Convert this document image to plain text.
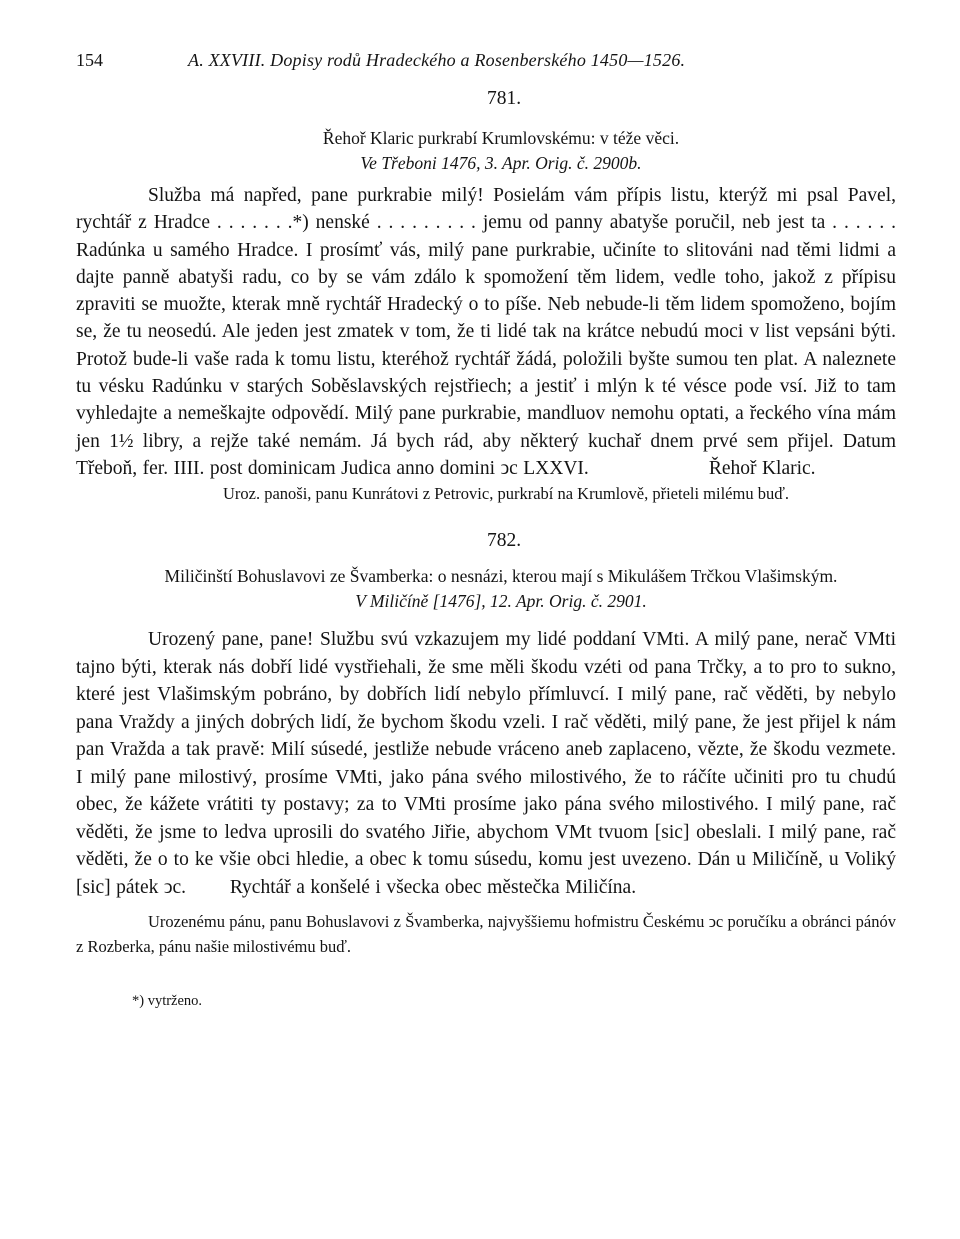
154	A. XXVIII. Dopisy rodů Hradeckého a Rosenberského 1450—1526.
781.
Řehoř Klaric purkrabí Krumlovskému: v téže věci.
Ve Třeboni 1476, 3. Apr. Orig. č. 2900b.

Služba má napřed, pane purkrabie milý! Posielám vám přípis listu, kterýž mi psal Pavel, rychtář z Hradce . . . . . . .*) nenské . . . . . . . . . jemu od panny abatyše poručil, neb jest ta . . . . . . Radúnka u samého Hradce. I prosímť vás, milý pane purkrabie, učiníte to slitováni nad těmi lidmi a dajte panně abatyši radu, co by se vám zdálo k spomožení těm lidem, vedle toho, jakož z přípisu zpraviti se muožte, kterak mně rychtář Hradecký o to píše. Neb nebude-li těm lidem spomoženo, bojím se, že tu neosedú. Ale jeden jest zmatek v tom, že ti lidé tak na krátce nebudú moci v list vepsáni býti. Protož bude-li vaše rada k tomu listu, kteréhož rychtář žádá, položili byšte sumou ten plat. A naleznete tu vésku Radúnku v starých Soběslavských rejstřiech; a jestiť i mlýn k té vésce pode vsí. Již to tam vyhledajte a nemeškajte odpovědí. Milý pane purkrabie, mandluov nemohu optati, a řeckého vína mám jen 1½ libry, a rejže také nemám. Já bych rád, aby některý kuchař dnem prvé sem přijel. Datum Třeboň, fer. IIII. post dominicam Judica anno domini ↄc LXXVI.	Řehoř Klaric.

Uroz. panoši, panu Kunrátovi z Petrovic, purkrabí na Krumlově, přieteli milému buď.
782.
Miličinští Bohuslavovi ze Švamberka: o nesnázi, kterou mají s Mikulášem Trčkou Vlašimským.
V Miličíně [1476], 12. Apr. Orig. č. 2901.

Urozený pane, pane! Službu svú vzkazujem my lidé poddaní VMti. A milý pane, nerač VMti tajno býti, kterak nás dobří lidé vystřiehali, že sme měli škodu vzéti od pana Trčky, a to pro to sukno, které jest Vlašimským pobráno, by dobřích lidí nebylo přímluvcí. I milý pane, rač věděti, by nebylo pana Vraždy a jiných dobrých lidí, že bychom škodu vzeli. I rač věděti, milý pane, že jest přijel k nám pan Vražda a tak pravě: Milí súsedé, jestliže nebude vráceno aneb zaplaceno, vězte, že škodu vezmete. I milý pane milostivý, prosíme VMti, jako pána svého milostivého, že to ráčíte učiniti pro tu chudú obec, že kážete vrátiti ty postavy; za to VMti prosíme jako pána svého milostivého. I milý pane, rač věděti, že jsme to ledva uprosili do svatého Jiřie, abychom VMt tvuom [sic] obeslali. I milý pane, rač věděti, že o to ke všie obci hledie, a obec k tomu súsedu, komu jest uvezeno. Dán u Miličíně, u Voliký [sic] pátek ↄc. Rychtář a konšelé i všecka obec městečka Miličína.

Urozenému pánu, panu Bohuslavovi z Švamberka, najvyššiemu hofmistru Českému ↄc poručíku a obránci pánóv z Rozberka, pánu našie milostivému buď.

*) vytrženo.
